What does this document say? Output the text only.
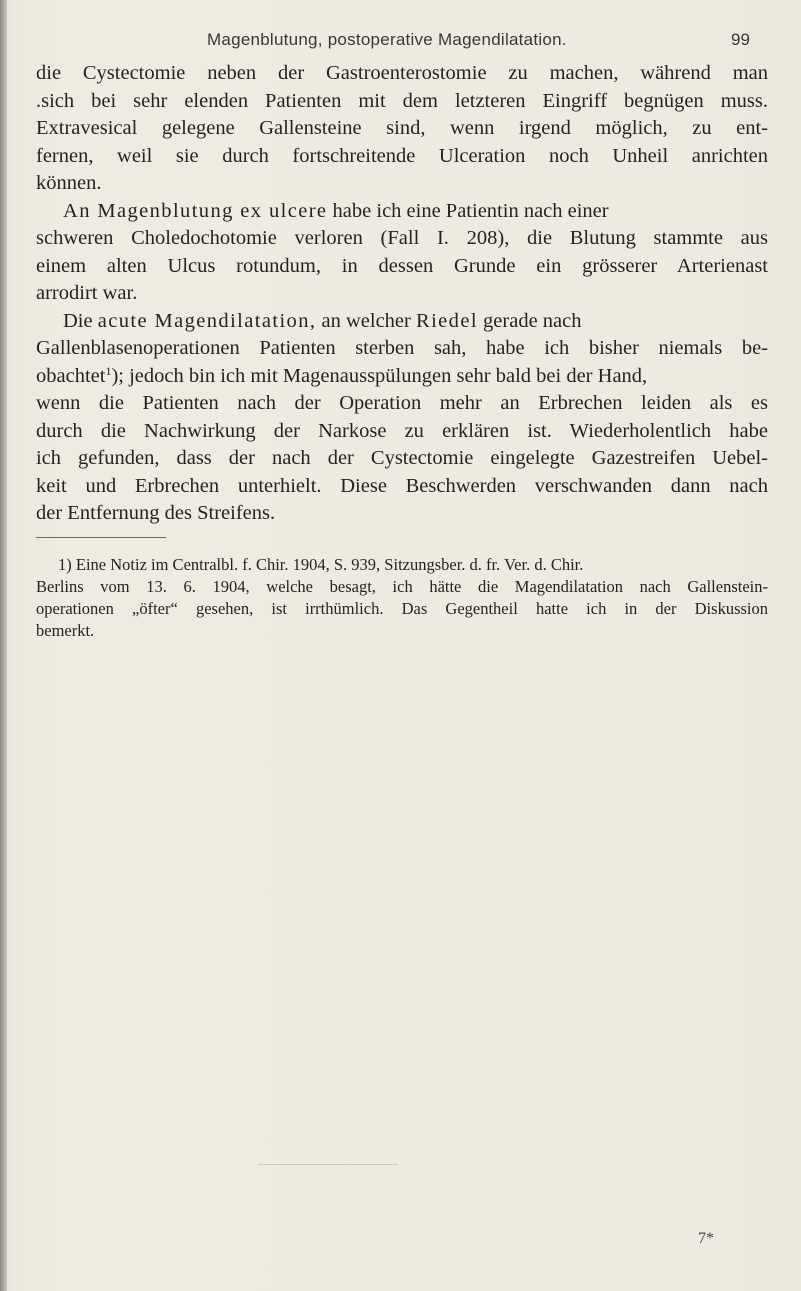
Magenblutung, postoperative Magendilatation.	99
die Cystectomie neben der Gastroenterostomie zu machen, während man
.sich bei sehr elenden Patienten mit dem letzteren Eingriff begnügen muss.
Extravesical gelegene Gallensteine sind, wenn irgend möglich, zu ent-
fernen, weil sie durch fortschreitende Ulceration noch Unheil anrichten
können.
An Magenblutung ex ulcere habe ich eine Patientin nach einer
schweren Choledochotomie verloren (Fall I. 208), die Blutung stammte aus
einem alten Ulcus rotundum, in dessen Grunde ein grösserer Arterienast
arrodirt war.
Die acute Magendilatation, an welcher Riedel gerade nach
Gallenblasenoperationen Patienten sterben sah, habe ich bisher niemals be-
obachtet$^1$); jedoch bin ich mit Magenausspülungen sehr bald bei der Hand,
wenn die Patienten nach der Operation mehr an Erbrechen leiden als es
durch die Nachwirkung der Narkose zu erklären ist. Wiederholentlich habe
ich gefunden, dass der nach der Cystectomie eingelegte Gazestreifen Uebel-
keit und Erbrechen unterhielt. Diese Beschwerden verschwanden dann nach
der Entfernung des Streifens.
1) Eine Notiz im Centralbl. f. Chir. 1904, S. 939, Sitzungsber. d. fr. Ver. d. Chir.
Berlins vom 13. 6. 1904, welche besagt, ich hätte die Magendilatation nach Gallenstein-
operationen „öfter“ gesehen, ist irrthümlich. Das Gegentheil hatte ich in der Diskussion
bemerkt.
7*
